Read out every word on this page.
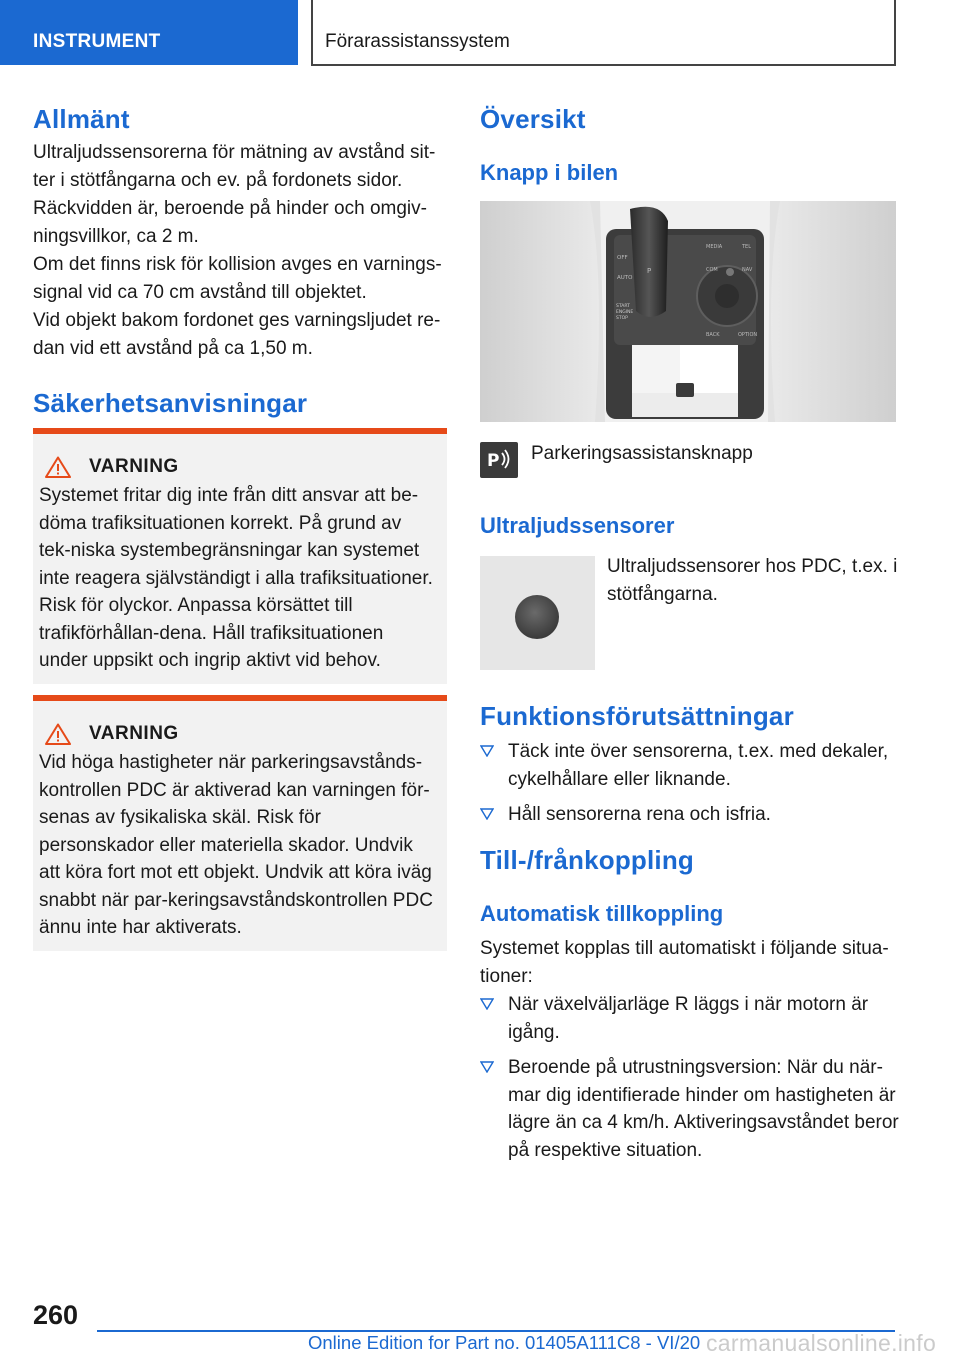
INSTRUMENT	Förarassistanssystem
Allmänt

Ultraljudssensorerna för mätning av avstånd sit‐ter i stötfångarna och ev. på fordonets sidor.

Räckvidden är, beroende på hinder och omgiv‐ningsvillkor, ca 2 m.

Om det finns risk för kollision avges en varnings‐signal vid ca 70 cm avstånd till objektet.

Vid objekt bakom fordonet ges varningsljudet re‐dan vid ett avstånd på ca 1,50 m.

Säkerhetsanvisningar
VARNING

Systemet fritar dig inte från ditt ansvar att be‐döma trafiksituationen korrekt. På grund av tek‐niska systembegränsningar kan systemet inte reagera självständigt i alla trafiksituationer. Risk för olyckor. Anpassa körsättet till trafikförhållan‐dena. Håll trafiksituationen under uppsikt och ingrip aktivt vid behov.

VARNING

Vid höga hastigheter när parkeringsavstånds‐kontrollen PDC är aktiverad kan varningen för‐senas av fysikaliska skäl. Risk för personskador eller materiella skador. Undvik att köra fort mot ett objekt. Undvik att köra iväg snabbt när par‐keringsavståndskontrollen PDC ännu inte har aktiverats.

Översikt
Knapp i bilen
OFF
AUTO
P
MEDIA
COM	NAV
TEL
BACK	OPTION
START
ENGINE
STOP
P Parkeringsassistansknapp

Ultraljudssensorer

Ultraljudssensorer hos PDC, t.ex. i stötfångarna.

Funktionsförutsättningar
Täck inte över sensorerna, t.ex. med dekaler, cykelhållare eller liknande.
Håll sensorerna rena och isfria.
Till-/frånkoppling
Automatisk tillkoppling

Systemet kopplas till automatiskt i följande situa‐tioner:

När växelväljarläge R läggs i när motorn är igång.
Beroende på utrustningsversion: När du när‐mar dig identifierade hinder om hastigheten är lägre än ca 4 km/h. Aktiveringsavståndet beror på respektive situation.
260
Online Edition for Part no. 01405A111C8 - VI/20 carmanualsonline.info
